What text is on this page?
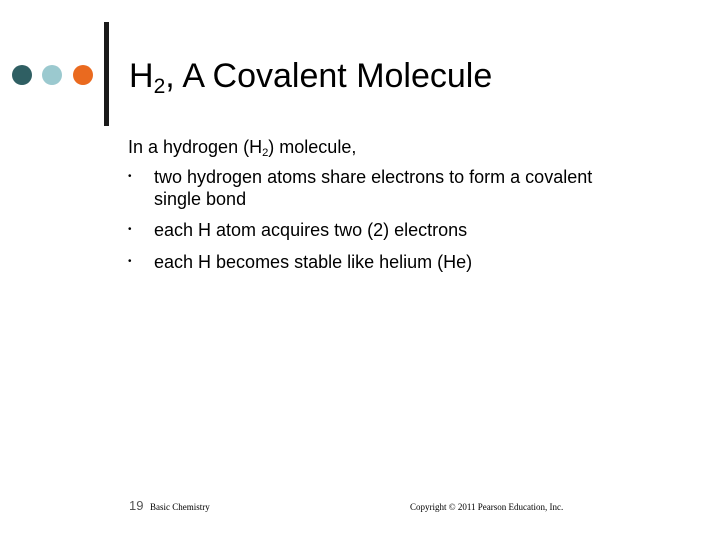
$H_2$, A Covalent Molecule
In a hydrogen $(H_2)$ molecule,
• two hydrogen atoms share electrons to form a covalent single bond
• each H atom acquires two (2) electrons
• each H becomes stable like helium (He)
19 Basic Chemistry	Copyright © 2011 Pearson Education, Inc.
